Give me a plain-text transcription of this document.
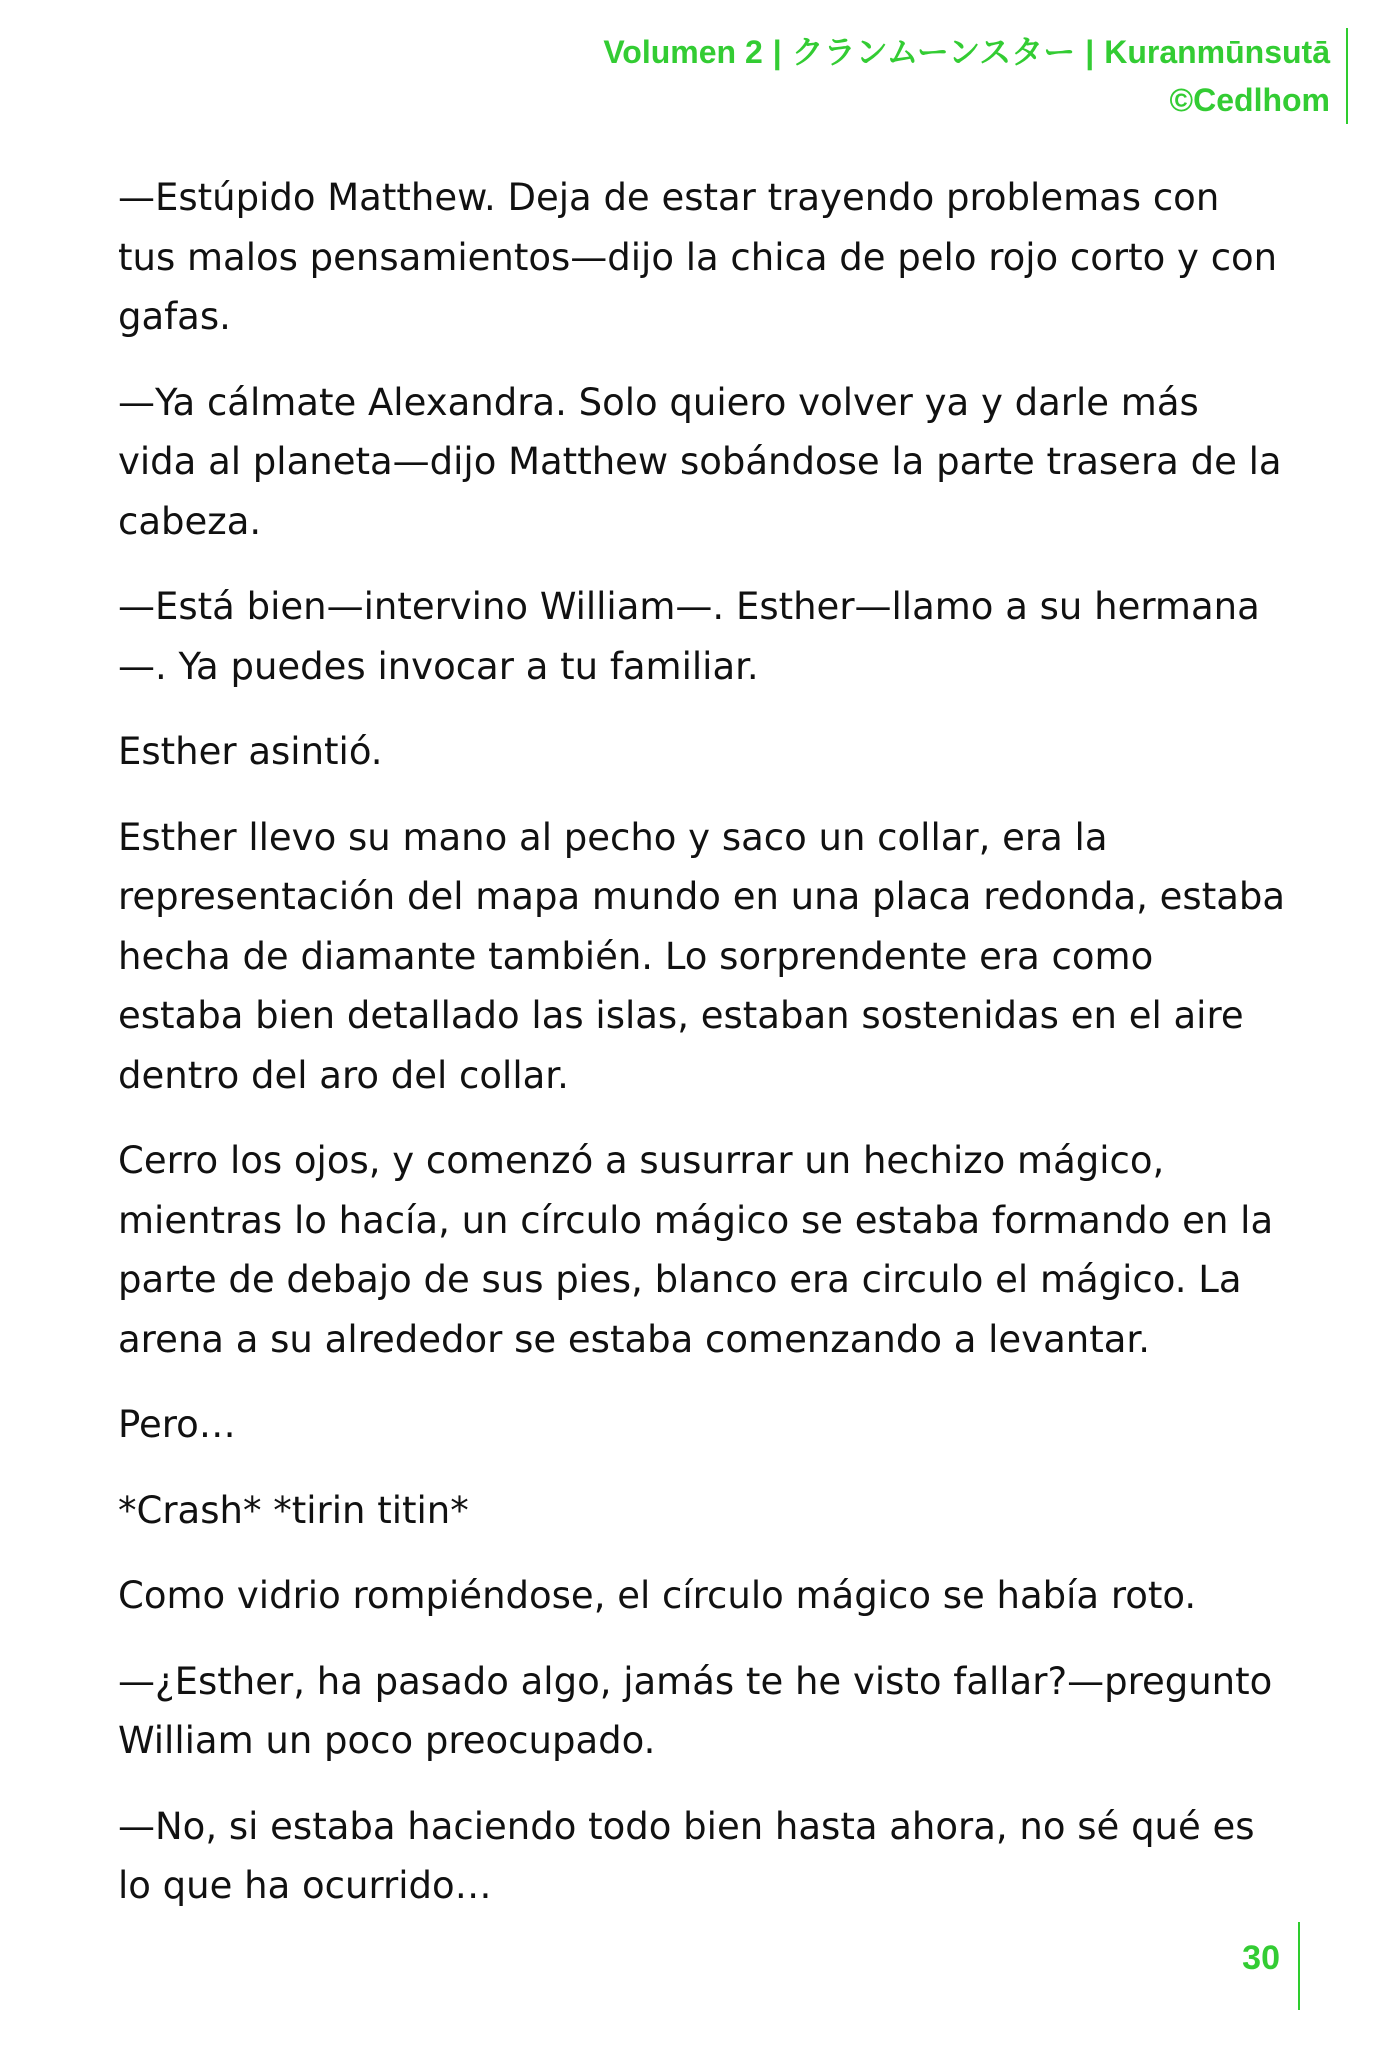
Volumen 2 | クランムーンスター | Kuranmūnsutā
©Cedlhom

—Estúpido Matthew. Deja de estar trayendo problemas con tus malos pensamientos—dijo la chica de pelo rojo corto y con gafas.

—Ya cálmate Alexandra. Solo quiero volver ya y darle más vida al planeta—dijo Matthew sobándose la parte trasera de la cabeza.

—Está bien—intervino William—. Esther—llamo a su hermana—. Ya puedes invocar a tu familiar.

Esther asintió.

Esther llevo su mano al pecho y saco un collar, era la representación del mapa mundo en una placa redonda, estaba hecha de diamante también. Lo sorprendente era como estaba bien detallado las islas, estaban sostenidas en el aire dentro del aro del collar.

Cerro los ojos, y comenzó a susurrar un hechizo mágico, mientras lo hacía, un círculo mágico se estaba formando en la parte de debajo de sus pies, blanco era circulo el mágico. La arena a su alrededor se estaba comenzando a levantar.

Pero…

*Crash* *tirin titin*

Como vidrio rompiéndose, el círculo mágico se había roto.

—¿Esther, ha pasado algo, jamás te he visto fallar?—pregunto William un poco preocupado.

—No, si estaba haciendo todo bien hasta ahora, no sé qué es lo que ha ocurrido…

30
